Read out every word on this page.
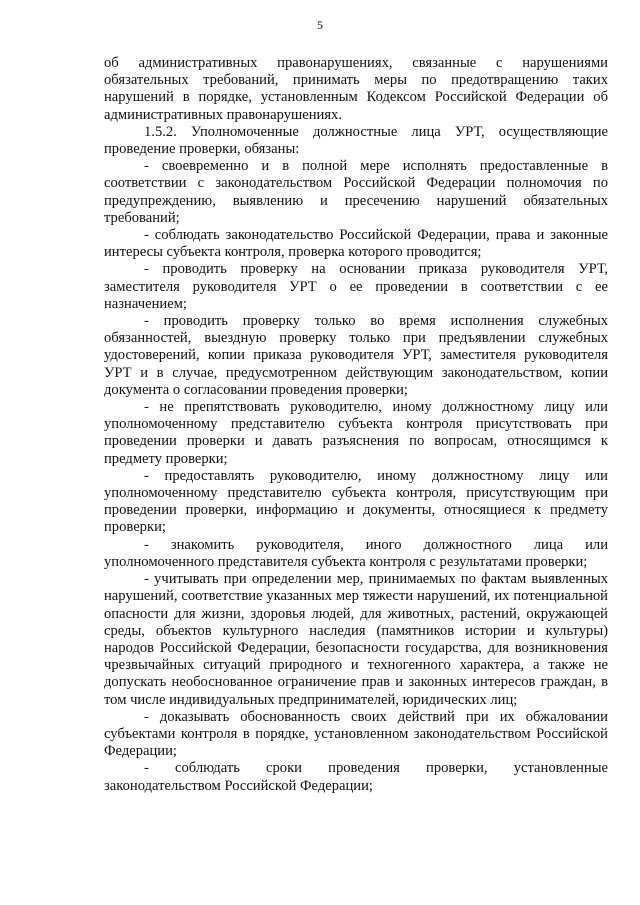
5

об административных правонарушениях, связанные с нарушениями обязательных требований, принимать меры по предотвращению таких нарушений в порядке, установленным Кодексом Российской Федерации об административных правонарушениях.

1.5.2. Уполномоченные должностные лица УРТ, осуществляющие проведение проверки, обязаны:

- своевременно и в полной мере исполнять предоставленные в соответствии с законодательством Российской Федерации полномочия по предупреждению, выявлению и пресечению нарушений обязательных требований;

- соблюдать законодательство Российской Федерации, права и законные интересы субъекта контроля, проверка которого проводится;

- проводить проверку на основании приказа руководителя УРТ, заместителя руководителя УРТ о ее проведении в соответствии с ее назначением;

- проводить проверку только во время исполнения служебных обязанностей, выездную проверку только при предъявлении служебных удостоверений, копии приказа руководителя УРТ, заместителя руководителя УРТ и в случае, предусмотренном действующим законодательством, копии документа о согласовании проведения проверки;

- не препятствовать руководителю, иному должностному лицу или уполномоченному представителю субъекта контроля присутствовать при проведении проверки и давать разъяснения по вопросам, относящимся к предмету проверки;

- предоставлять руководителю, иному должностному лицу или уполномоченному представителю субъекта контроля, присутствующим при проведении проверки, информацию и документы, относящиеся к предмету проверки;

- знакомить руководителя, иного должностного лица или уполномоченного представителя субъекта контроля с результатами проверки;

- учитывать при определении мер, принимаемых по фактам выявленных нарушений, соответствие указанных мер тяжести нарушений, их потенциальной опасности для жизни, здоровья людей, для животных, растений, окружающей среды, объектов культурного наследия (памятников истории и культуры) народов Российской Федерации, безопасности государства, для возникновения чрезвычайных ситуаций природного и техногенного характера, а также не допускать необоснованное ограничение прав и законных интересов граждан, в том числе индивидуальных предпринимателей, юридических лиц;

- доказывать обоснованность своих действий при их обжаловании субъектами контроля в порядке, установленном законодательством Российской Федерации;

- соблюдать сроки проведения проверки, установленные законодательством Российской Федерации;
